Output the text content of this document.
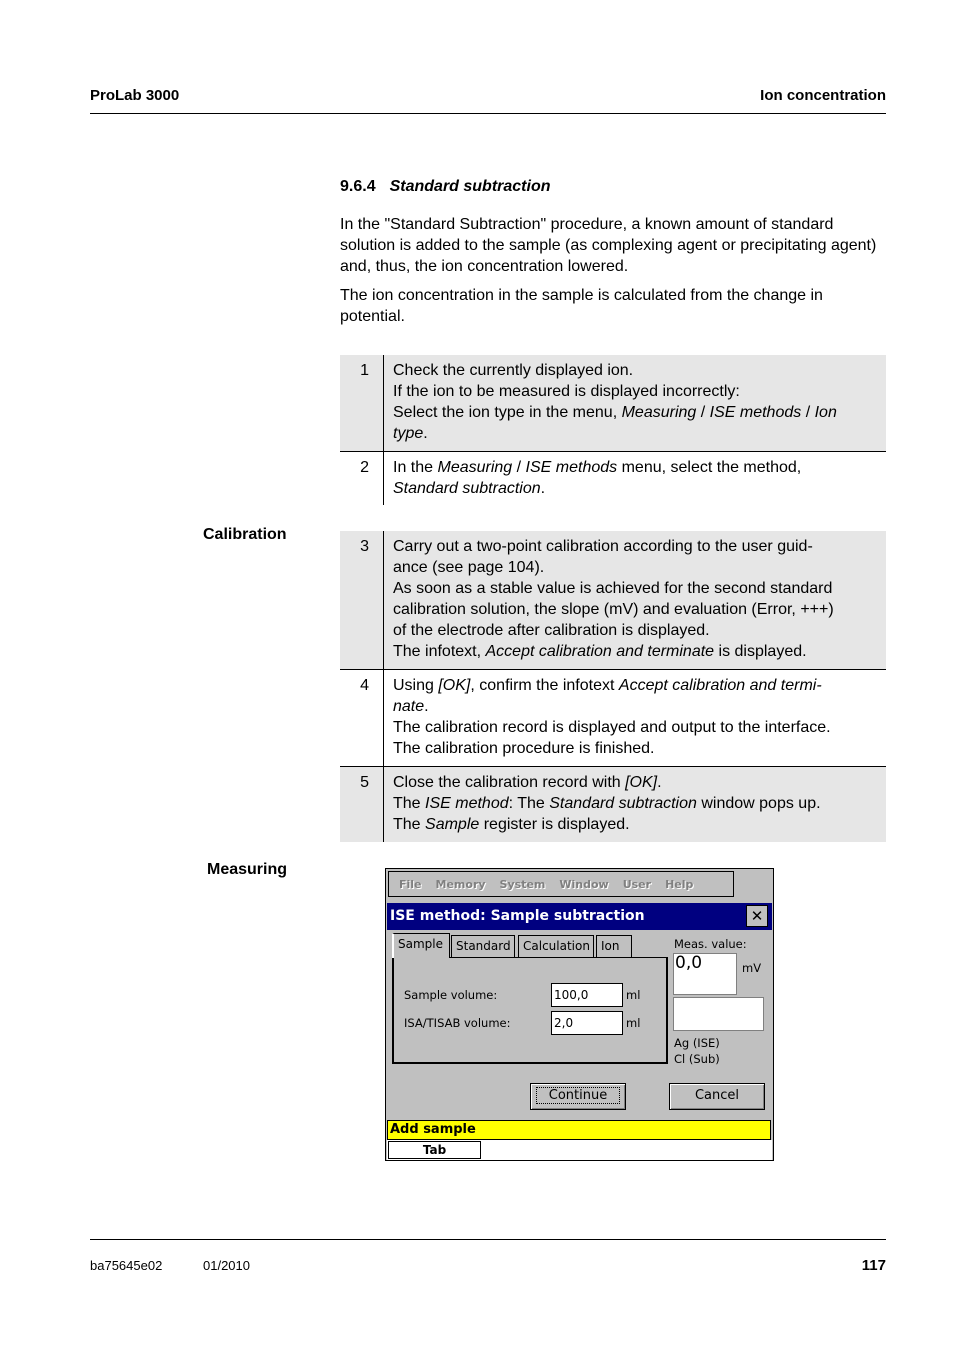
ProLab 3000	Ion concentration
9.6.4 Standard subtraction
In the "Standard Subtraction" procedure, a known amount of standard solution is added to the sample (as complexing agent or precipitating agent) and, thus, the ion concentration lowered.
The ion concentration in the sample is calculated from the change in potential.
1	Check the currently displayed ion.
If the ion to be measured is displayed incorrectly:
Select the ion type in the menu, Measuring / ISE methods / Ion
type.
2	In the Measuring / ISE methods menu, select the method,
Standard subtraction.
Calibration
3	Carry out a two-point calibration according to the user guid-
ance (see page 104).
As soon as a stable value is achieved for the second standard
calibration solution, the slope (mV) and evaluation (Error, +++)
of the electrode after calibration is displayed.
The infotext, Accept calibration and terminate is displayed.
4	Using [OK], confirm the infotext Accept calibration and termi-
nate.
The calibration record is displayed and output to the interface.
The calibration procedure is finished.
5	Close the calibration record with [OK].
The ISE method: The Standard subtraction window pops up.
The Sample register is displayed.
Measuring
File Memory System Window User Help
ISE method: Sample subtraction	✕
Sample	Standard	Calculation Ion
Sample volume:	100,0	ml
ISA/TISAB volume:	2,0	ml
Meas. value:
0,0	mV
Ag (ISE)
Cl (Sub)
Continue	Cancel
Add sample
Tab
ba75645e02	01/2010	117
